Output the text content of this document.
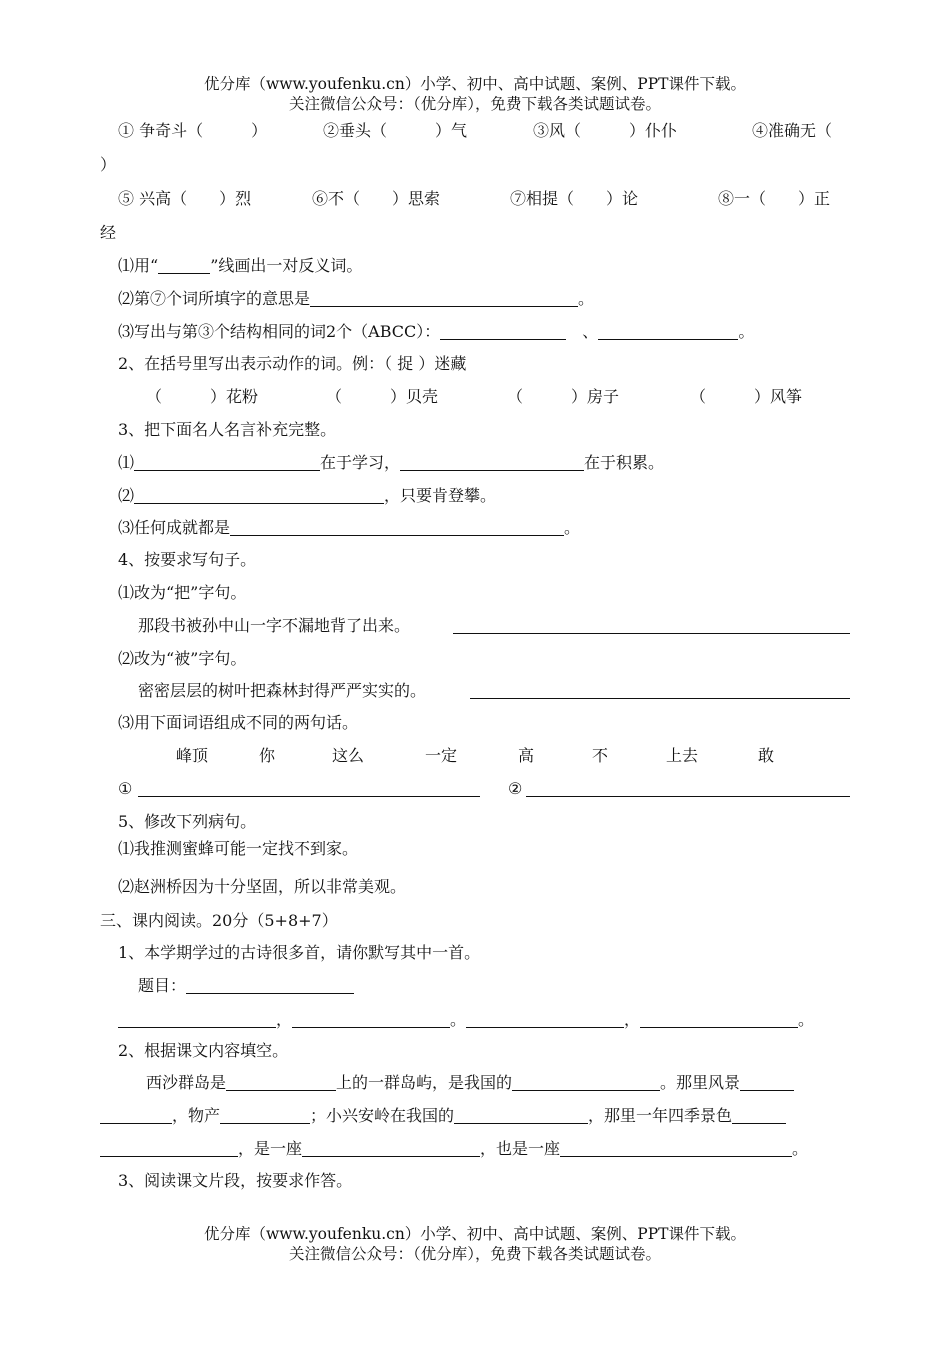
优分库（www.youfenku.cn）小学、初中、高中试题、案例、PPT课件下载。
关注微信公众号：（优分库），免费下载各类试题试卷。
① 争奇斗（　　　）	②垂头（　　　）气	③风（　　　）仆仆	④准确无（
）
⑤ 兴高（　　）烈	⑥不（　　）思索	⑦相提（　　）论	⑧一（　　）正
经
⑴用“	”线画出一对反义词。
⑵第⑦个词所填字的意思是	。
⑶写出与第③个结构相同的词2个（ABCC）：　	、	。
2、在括号里写出表示动作的词。例：（ 捉 ）迷藏
（　　　）花粉	（　　　）贝壳	（　　　）房子	（　　　）风筝
3、把下面名人名言补充完整。
⑴	在于学习，	在于积累。
⑵	，只要肯登攀。
⑶任何成就都是	。
4、按要求写句子。
⑴改为“把”字句。
那段书被孙中山一字不漏地背了出来。
⑵改为“被”字句。
密密层层的树叶把森林封得严严实实的。
⑶用下面词语组成不同的两句话。
峰顶	你	这么	一定	高	不	上去	敢
①	②
5、修改下列病句。
⑴我推测蜜蜂可能一定找不到家。
⑵赵洲桥因为十分坚固，所以非常美观。
三、课内阅读。20分（5+8+7）
1、本学期学过的古诗很多首，请你默写其中一首。
题目：
，	。	，	。
2、根据课文内容填空。
西沙群岛是	上的一群岛屿，是我国的	。那里风景
，物产	；小兴安岭在我国的	，那里一年四季景色
，是一座	，也是一座	。
3、阅读课文片段，按要求作答。
优分库（www.youfenku.cn）小学、初中、高中试题、案例、PPT课件下载。
关注微信公众号：（优分库），免费下载各类试题试卷。
